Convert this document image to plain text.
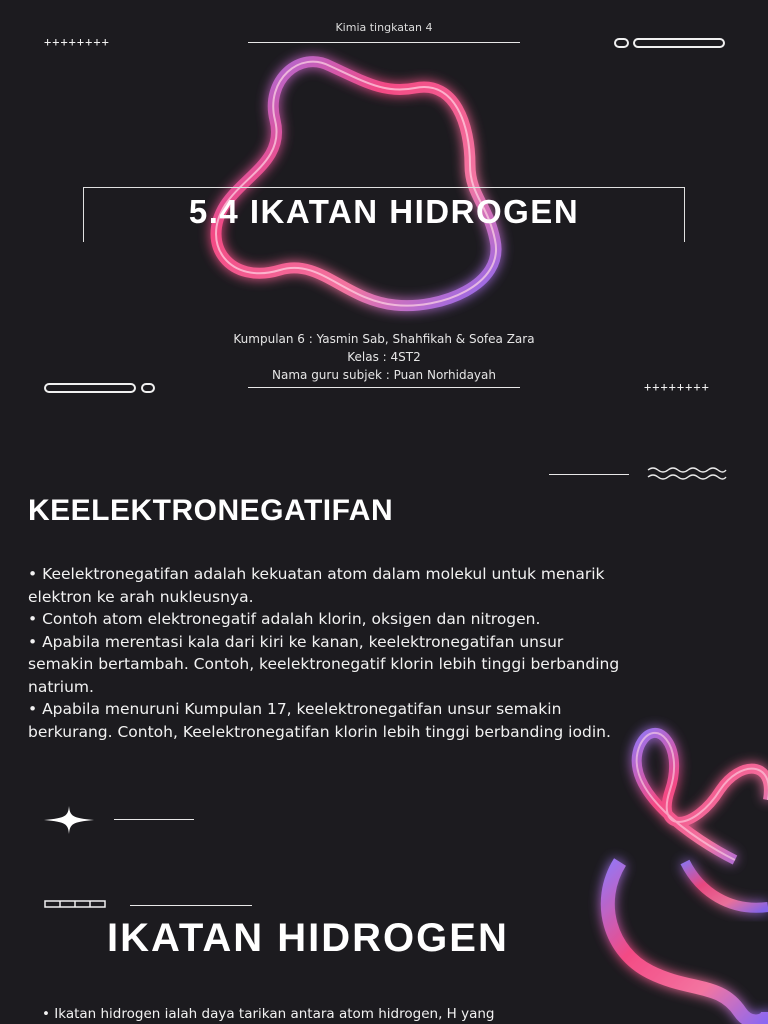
Kimia tingkatan 4
++++++++
5.4 IKATAN HIDROGEN
Kumpulan 6 : Yasmin Sab, Shahfikah & Sofea Zara
Kelas : 4ST2
Nama guru subjek : Puan Norhidayah
++++++++
KEELEKTRONEGATIFAN

• Keelektronegatifan adalah kekuatan atom dalam molekul untuk menarik elektron ke arah nukleusnya.

• Contoh atom elektronegatif adalah klorin, oksigen dan nitrogen.

• Apabila merentasi kala dari kiri ke kanan, keelektronegatifan unsur semakin bertambah. Contoh, keelektronegatif klorin lebih tinggi berbanding natrium.

• Apabila menuruni Kumpulan 17, keelektronegatifan unsur semakin berkurang. Contoh, Keelektronegatifan klorin lebih tinggi berbanding iodin.

IKATAN HIDROGEN
• Ikatan hidrogen ialah daya tarikan antara atom hidrogen, H yang
